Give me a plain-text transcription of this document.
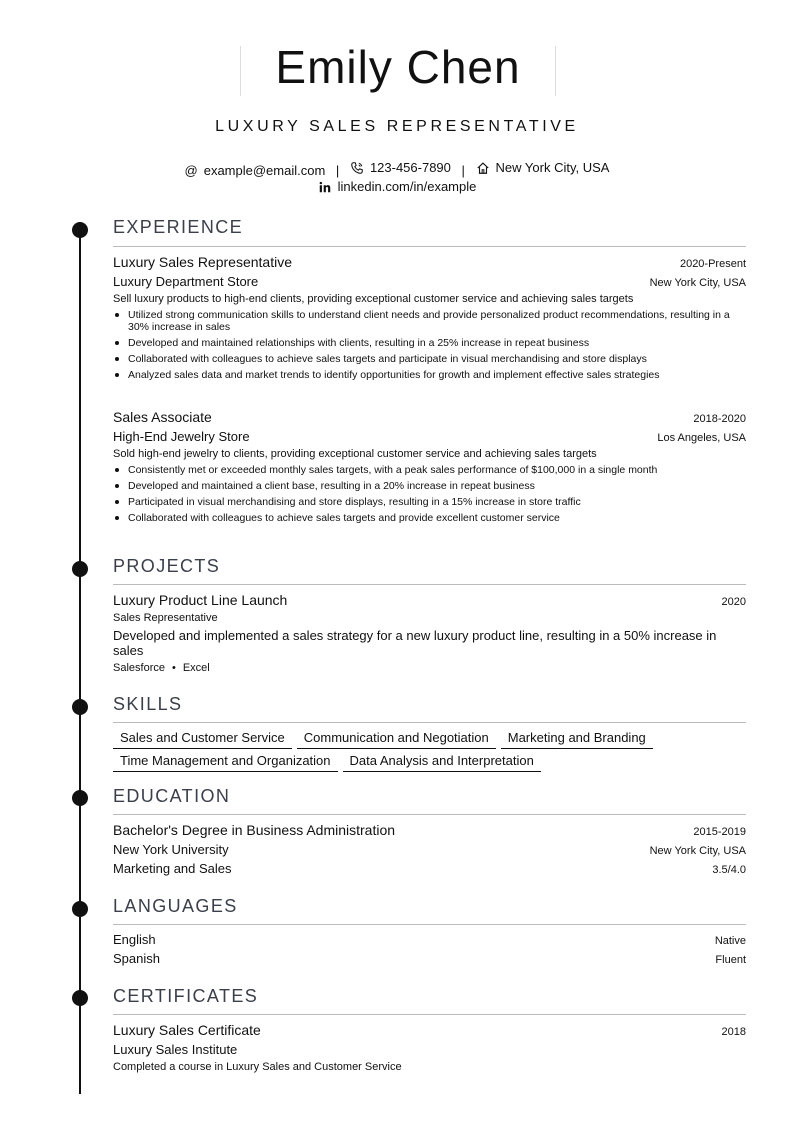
Emily Chen
LUXURY SALES REPRESENTATIVE
@ example@email.com | 123-456-7890 | New York City, USA
linkedin.com/in/example
EXPERIENCE
Luxury Sales Representative	2020-Present
Luxury Department Store	New York City, USA
Sell luxury products to high-end clients, providing exceptional customer service and achieving sales targets
Utilized strong communication skills to understand client needs and provide personalized product recommendations, resulting in a 30% increase in sales
Developed and maintained relationships with clients, resulting in a 25% increase in repeat business
Collaborated with colleagues to achieve sales targets and participate in visual merchandising and store displays
Analyzed sales data and market trends to identify opportunities for growth and implement effective sales strategies
Sales Associate	2018-2020
High-End Jewelry Store	Los Angeles, USA
Sold high-end jewelry to clients, providing exceptional customer service and achieving sales targets
Consistently met or exceeded monthly sales targets, with a peak sales performance of $100,000 in a single month
Developed and maintained a client base, resulting in a 20% increase in repeat business
Participated in visual merchandising and store displays, resulting in a 15% increase in store traffic
Collaborated with colleagues to achieve sales targets and provide excellent customer service
PROJECTS
Luxury Product Line Launch	2020
Sales Representative
Developed and implemented a sales strategy for a new luxury product line, resulting in a 50% increase in sales
Salesforce • Excel
SKILLS
Sales and Customer Service Communication and Negotiation Marketing and Branding
Time Management and Organization Data Analysis and Interpretation
EDUCATION
Bachelor's Degree in Business Administration	2015-2019
New York University	New York City, USA
Marketing and Sales	3.5/4.0
LANGUAGES
English	Native
Spanish	Fluent
CERTIFICATES
Luxury Sales Certificate	2018
Luxury Sales Institute
Completed a course in Luxury Sales and Customer Service
